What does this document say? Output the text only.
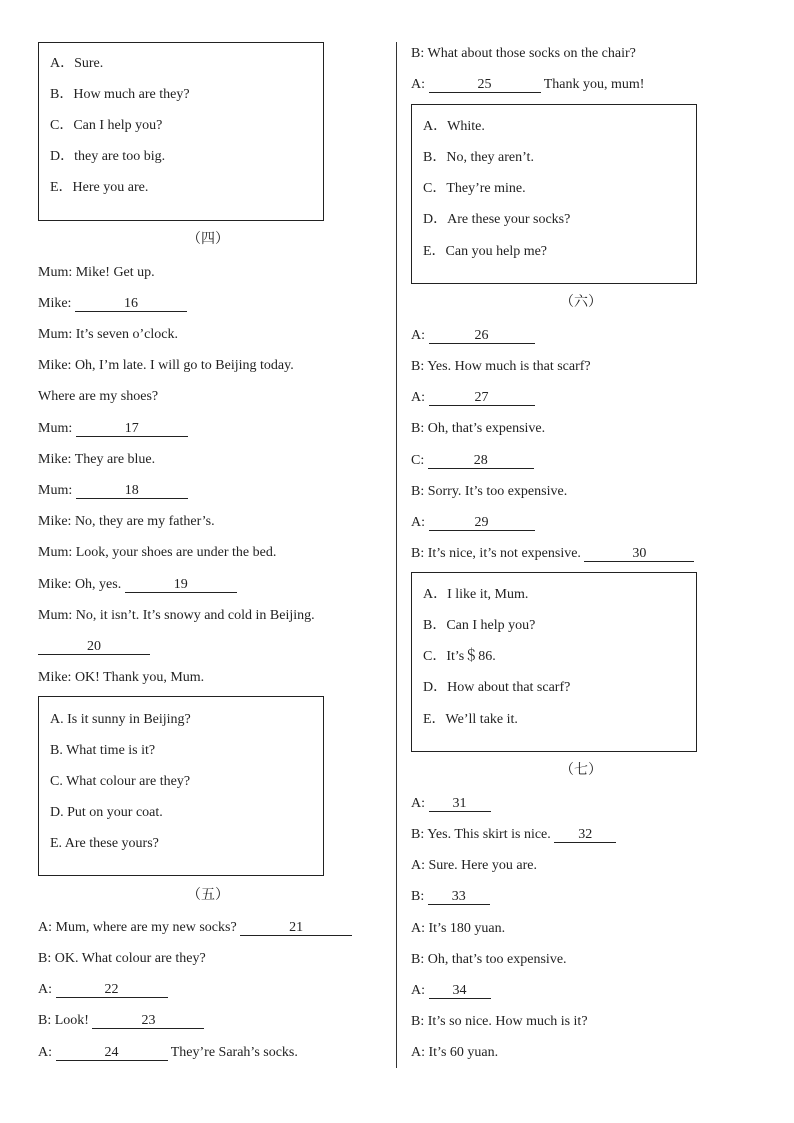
A．Sure.
B．How much are they?
C．Can I help you?
D．they are too big.
E．Here you are.
（四）
Mum: Mike! Get up.
Mike:	16
Mum: It’s seven o’clock.
Mike: Oh, I’m late. I will go to Beijing today.
Where are my shoes?
Mum:	17
Mike: They are blue.
Mum:	18
Mike: No, they are my father’s.
Mum: Look, your shoes are under the bed.
Mike: Oh, yes.	19
Mum: No, it isn’t. It’s snowy and cold in Beijing.
20
Mike: OK! Thank you, Mum.
A. Is it sunny in Beijing?
B. What time is it?
C. What colour are they?
D. Put on your coat.
E. Are these yours?
（五）
A: Mum, where are my new socks?	21
B: OK. What colour are they?
A:	22
B: Look!	23
A:	24	They’re Sarah’s socks.
B: What about those socks on the chair?
A:	25	Thank you, mum!
A．White.
B．No, they aren’t.
C．They’re mine.
D．Are these your socks?
E．Can you help me?
（六）
A:	26
B: Yes. How much is that scarf?
A:	27
B: Oh, that’s expensive.
C:	28
B: Sorry. It’s too expensive.
A:	29
B: It’s nice, it’s not expensive.	30
A．I like it, Mum.
B．Can I help you?
C．It’s＄86.
D．How about that scarf?
E．We’ll take it.
（七）
A: 31
B: Yes. This skirt is nice. 32
A: Sure. Here you are.
B: 33
A: It’s 180 yuan.
B: Oh, that’s too expensive.
A: 34
B: It’s so nice. How much is it?
A: It’s 60 yuan.
